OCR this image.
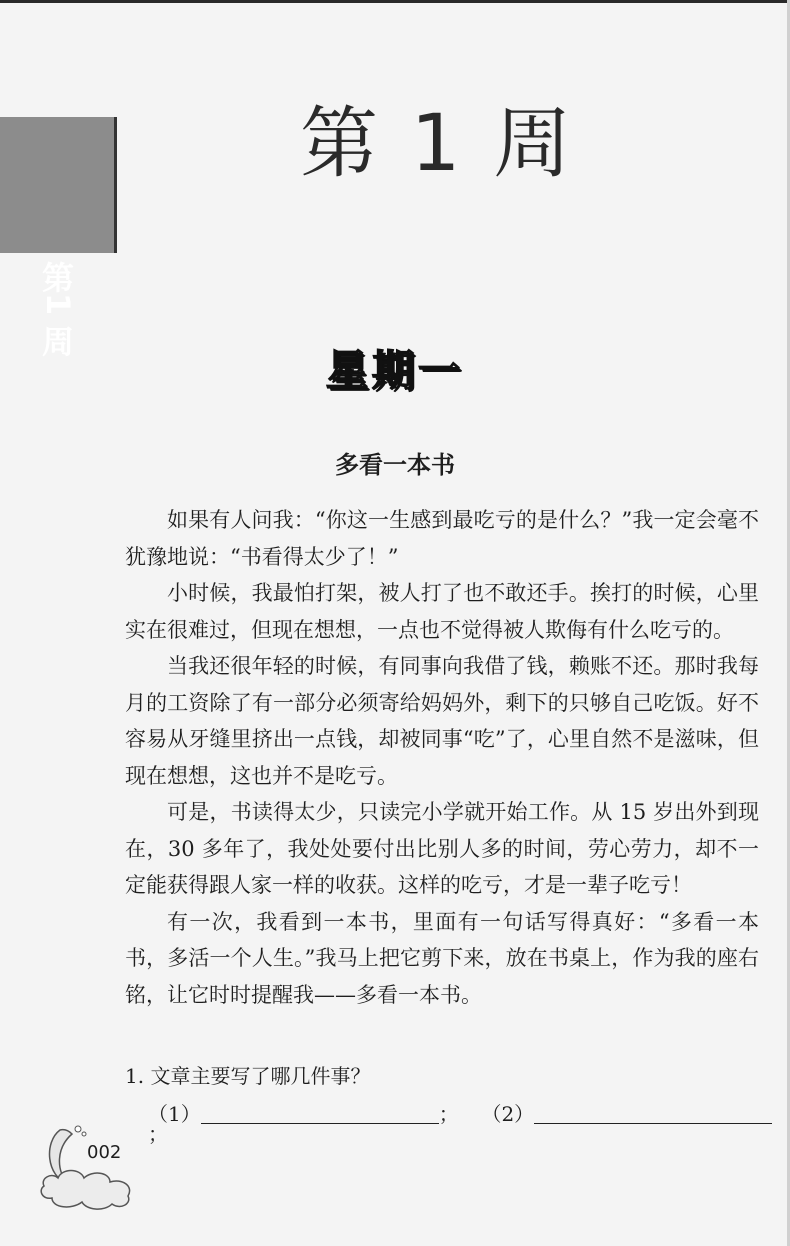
第
1
周
第 1 周
星期一
多看一本书

如果有人问我：“你这一生感到最吃亏的是什么？”我一定会毫不犹豫地说：“书看得太少了！”

小时候，我最怕打架，被人打了也不敢还手。挨打的时候，心里实在很难过，但现在想想，一点也不觉得被人欺侮有什么吃亏的。

当我还很年轻的时候，有同事向我借了钱，赖账不还。那时我每月的工资除了有一部分必须寄给妈妈外，剩下的只够自己吃饭。好不容易从牙缝里挤出一点钱，却被同事“吃”了，心里自然不是滋味，但现在想想，这也并不是吃亏。

可是，书读得太少，只读完小学就开始工作。从 15 岁出外到现在，30 多年了，我处处要付出比别人多的时间，劳心劳力，却不一定能获得跟人家一样的收获。这样的吃亏，才是一辈子吃亏！

有一次，我看到一本书，里面有一句话写得真好：“多看一本书，多活一个人生。”我马上把它剪下来，放在书桌上，作为我的座右铭，让它时时提醒我——多看一本书。

1. 文章主要写了哪几件事？
（1）	； （2）；
002
